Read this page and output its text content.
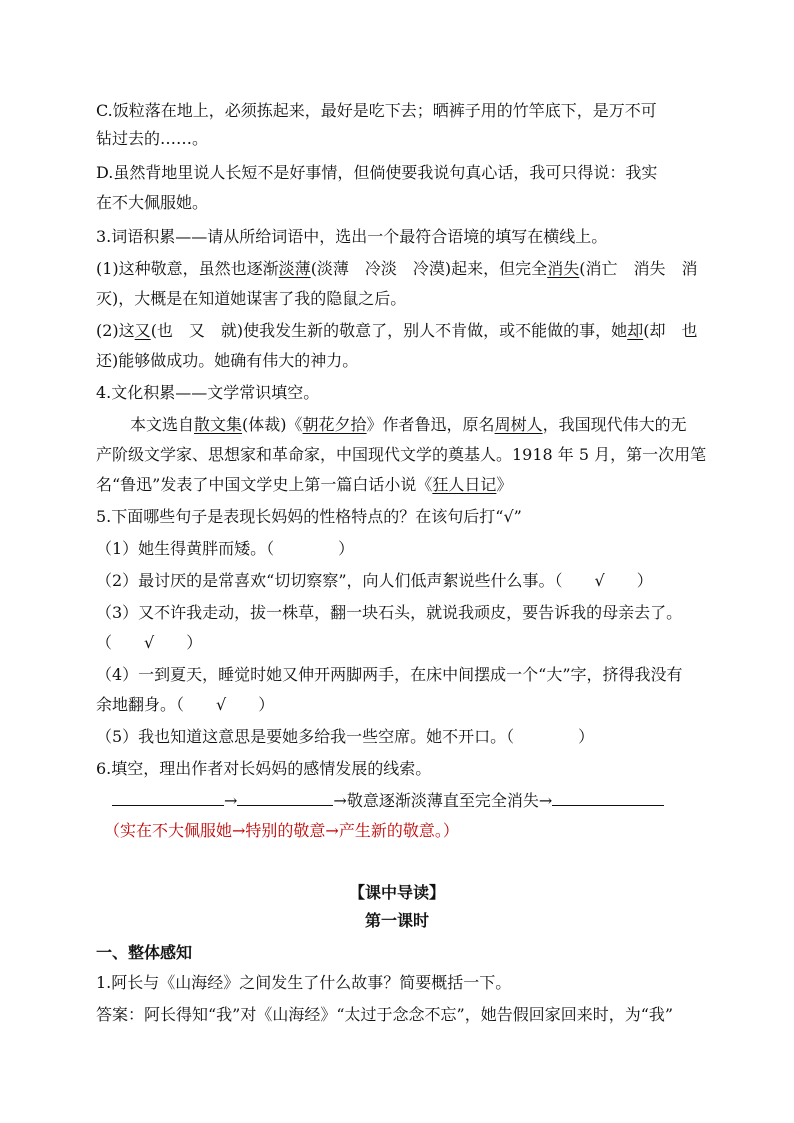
C.饭粒落在地上，必须拣起来，最好是吃下去；晒裤子用的竹竿底下，是万不可
钻过去的……。
D.虽然背地里说人长短不是好事情，但倘使要我说句真心话，我可只得说：我实
在不大佩服她。
3.词语积累——请从所给词语中，选出一个最符合语境的填写在横线上。
(1)这种敬意，虽然也逐渐淡薄(淡薄　冷淡　冷漠)起来，但完全消失(消亡　消失　消
灭)，大概是在知道她谋害了我的隐鼠之后。
(2)这又(也　又　就)使我发生新的敬意了，别人不肯做，或不能做的事，她却(却　也
还)能够做成功。她确有伟大的神力。
4.文化积累——文学常识填空。
本文选自散文集(体裁)《朝花夕拾》作者鲁迅，原名周树人，我国现代伟大的无
产阶级文学家、思想家和革命家，中国现代文学的奠基人。1918 年 5 月，第一次用笔
名“鲁迅”发表了中国文学史上第一篇白话小说《狂人日记》
5.下面哪些句子是表现长妈妈的性格特点的？在该句后打“√”
（1）她生得黄胖而矮。（　　　　）
（2）最讨厌的是常喜欢“切切察察”，向人们低声絮说些什么事。（　　√　　）
（3）又不许我走动，拔一株草，翻一块石头，就说我顽皮，要告诉我的母亲去了。
（　　√　　）
（4）一到夏天，睡觉时她又伸开两脚两手，在床中间摆成一个“大”字，挤得我没有
余地翻身。（　　√　　）
（5）我也知道这意思是要她多给我一些空席。她不开口。（　　　　）
6.填空，理出作者对长妈妈的感情发展的线索。
→	→敬意逐渐淡薄直至完全消失→
（实在不大佩服她→特别的敬意→产生新的敬意。）
【课中导读】
第一课时
一、整体感知
1.阿长与《山海经》之间发生了什么故事？简要概括一下。
答案：阿长得知“我”对《山海经》“太过于念念不忘”，她告假回家回来时，为“我”
